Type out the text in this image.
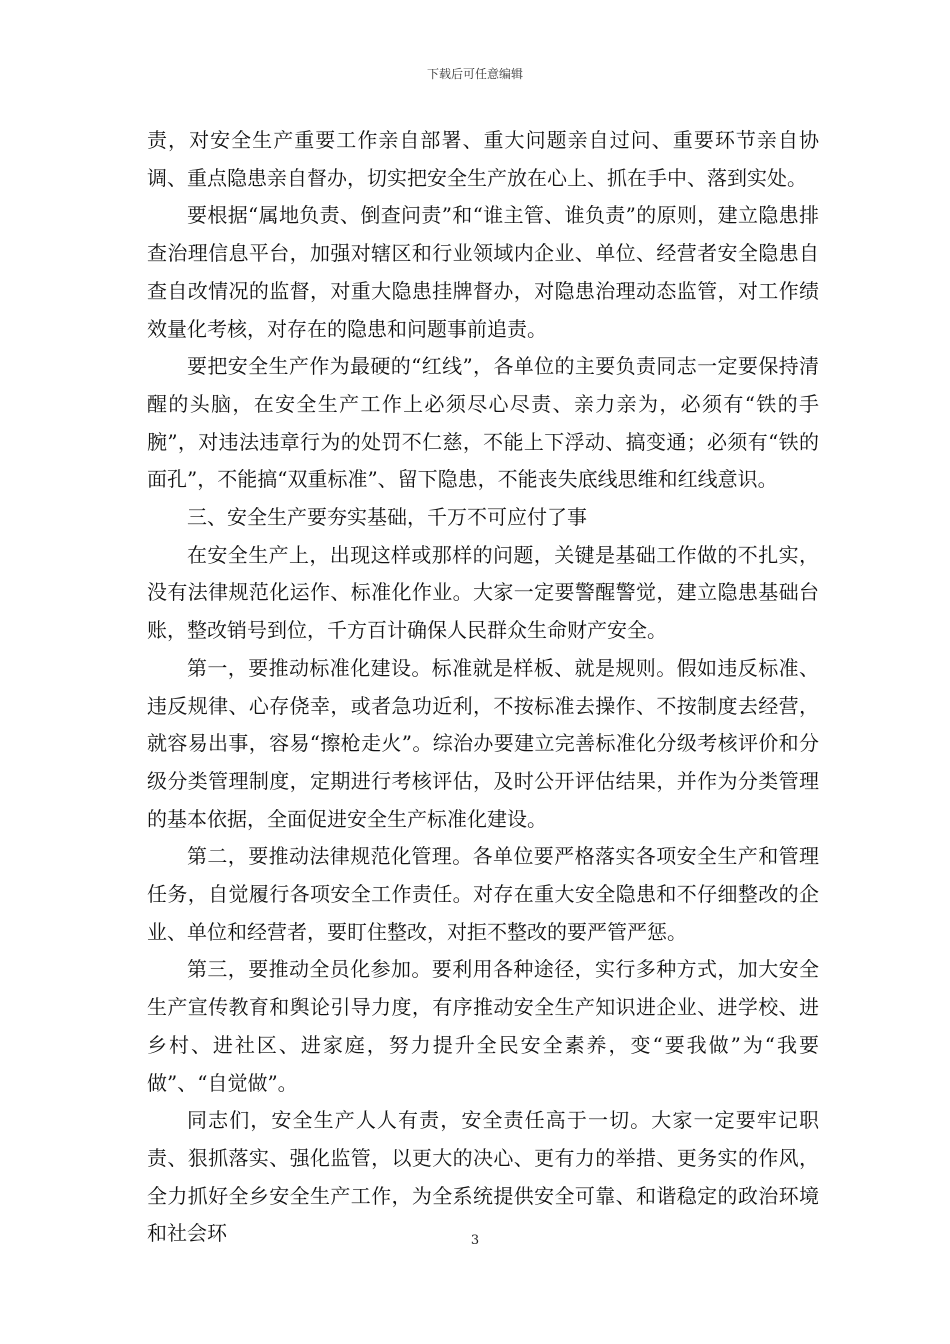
下载后可任意编辑

责，对安全生产重要工作亲自部署、重大问题亲自过问、重要环节亲自协调、重点隐患亲自督办，切实把安全生产放在心上、抓在手中、落到实处。

要根据“属地负责、倒查问责”和“谁主管、谁负责”的原则，建立隐患排查治理信息平台，加强对辖区和行业领域内企业、单位、经营者安全隐患自查自改情况的监督，对重大隐患挂牌督办，对隐患治理动态监管，对工作绩效量化考核，对存在的隐患和问题事前追责。

要把安全生产作为最硬的“红线”，各单位的主要负责同志一定要保持清醒的头脑，在安全生产工作上必须尽心尽责、亲力亲为，必须有“铁的手腕”，对违法违章行为的处罚不仁慈，不能上下浮动、搞变通；必须有“铁的面孔”，不能搞“双重标准”、留下隐患，不能丧失底线思维和红线意识。

三、安全生产要夯实基础，千万不可应付了事

在安全生产上，出现这样或那样的问题，关键是基础工作做的不扎实，没有法律规范化运作、标准化作业。大家一定要警醒警觉，建立隐患基础台账，整改销号到位，千方百计确保人民群众生命财产安全。

第一，要推动标准化建设。标准就是样板、就是规则。假如违反标准、违反规律、心存侥幸，或者急功近利，不按标准去操作、不按制度去经营，就容易出事，容易“擦枪走火”。综治办要建立完善标准化分级考核评价和分级分类管理制度，定期进行考核评估，及时公开评估结果，并作为分类管理的基本依据，全面促进安全生产标准化建设。

第二，要推动法律规范化管理。各单位要严格落实各项安全生产和管理任务，自觉履行各项安全工作责任。对存在重大安全隐患和不仔细整改的企业、单位和经营者，要盯住整改，对拒不整改的要严管严惩。

第三，要推动全员化参加。要利用各种途径，实行多种方式，加大安全生产宣传教育和舆论引导力度，有序推动安全生产知识进企业、进学校、进乡村、进社区、进家庭，努力提升全民安全素养，变“要我做”为“我要做”、“自觉做”。

同志们，安全生产人人有责，安全责任高于一切。大家一定要牢记职责、狠抓落实、强化监管，以更大的决心、更有力的举措、更务实的作风，全力抓好全乡安全生产工作，为全系统提供安全可靠、和谐稳定的政治环境和社会环	3
